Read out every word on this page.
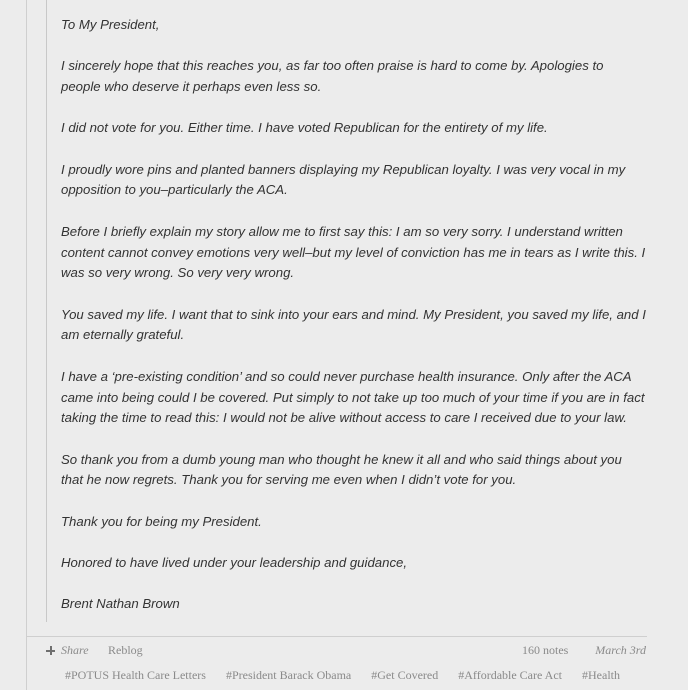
To My President,

I sincerely hope that this reaches you, as far too often praise is hard to come by. Apologies to people who deserve it perhaps even less so.

I did not vote for you. Either time. I have voted Republican for the entirety of my life.

I proudly wore pins and planted banners displaying my Republican loyalty. I was very vocal in my opposition to you–particularly the ACA.

Before I briefly explain my story allow me to first say this: I am so very sorry. I understand written content cannot convey emotions very well–but my level of conviction has me in tears as I write this. I was so very wrong. So very very wrong.

You saved my life. I want that to sink into your ears and mind. My President, you saved my life, and I am eternally grateful.

I have a ‘pre-existing condition’ and so could never purchase health insurance. Only after the ACA came into being could I be covered. Put simply to not take up too much of your time if you are in fact taking the time to read this: I would not be alive without access to care I received due to your law.

So thank you from a dumb young man who thought he knew it all and who said things about you that he now regrets. Thank you for serving me even when I didn’t vote for you.

Thank you for being my President.

Honored to have lived under your leadership and guidance,

Brent Nathan Brown

Share Reblog	160 notes March 3rd
#POTUS Health Care Letters #President Barack Obama #Get Covered #Affordable Care Act #Health
